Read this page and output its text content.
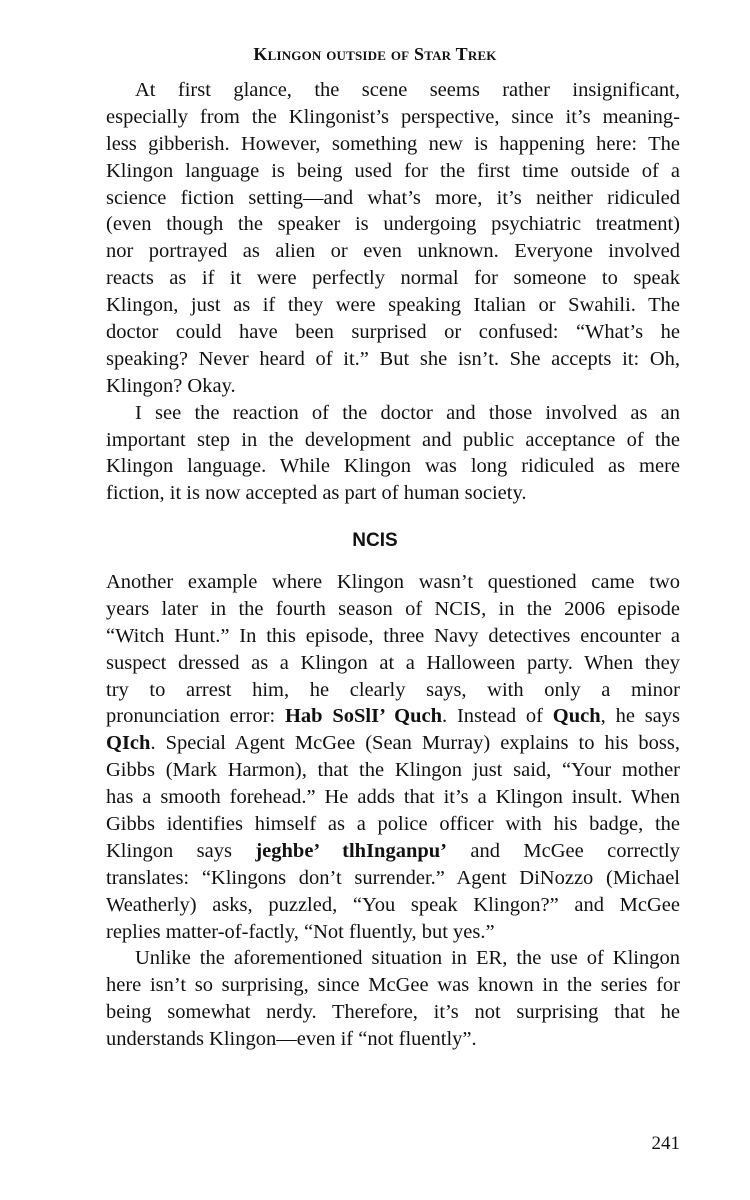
Klingon outside of Star Trek
At first glance, the scene seems rather insignificant,
especially from the Klingonist’s perspective, since it’s meaning-
less gibberish. However, something new is happening here: The
Klingon language is being used for the first time outside of a
science fiction setting—and what’s more, it’s neither ridiculed
(even though the speaker is undergoing psychiatric treatment)
nor portrayed as alien or even unknown. Everyone involved
reacts as if it were perfectly normal for someone to speak
Klingon, just as if they were speaking Italian or Swahili. The
doctor could have been surprised or confused: “What’s he
speaking? Never heard of it.” But she isn’t. She accepts it: Oh,
Klingon? Okay.
I see the reaction of the doctor and those involved as an
important step in the development and public acceptance of the
Klingon language. While Klingon was long ridiculed as mere
fiction, it is now accepted as part of human society.
NCIS
Another example where Klingon wasn’t questioned came two
years later in the fourth season of NCIS, in the 2006 episode
“Witch Hunt.” In this episode, three Navy detectives encounter a
suspect dressed as a Klingon at a Halloween party. When they
try to arrest him, he clearly says, with only a minor
pronunciation error: Hab SoSlI’ Quch. Instead of Quch, he says
QIch. Special Agent McGee (Sean Murray) explains to his boss,
Gibbs (Mark Harmon), that the Klingon just said, “Your mother
has a smooth forehead.” He adds that it’s a Klingon insult. When
Gibbs identifies himself as a police officer with his badge, the
Klingon says jeghbe’ tlhInganpu’ and McGee correctly
translates: “Klingons don’t surrender.” Agent DiNozzo (Michael
Weatherly) asks, puzzled, “You speak Klingon?” and McGee
replies matter-of-factly, “Not fluently, but yes.”
Unlike the aforementioned situation in ER, the use of Klingon
here isn’t so surprising, since McGee was known in the series for
being somewhat nerdy. Therefore, it’s not surprising that he
understands Klingon—even if “not fluently”.
241
